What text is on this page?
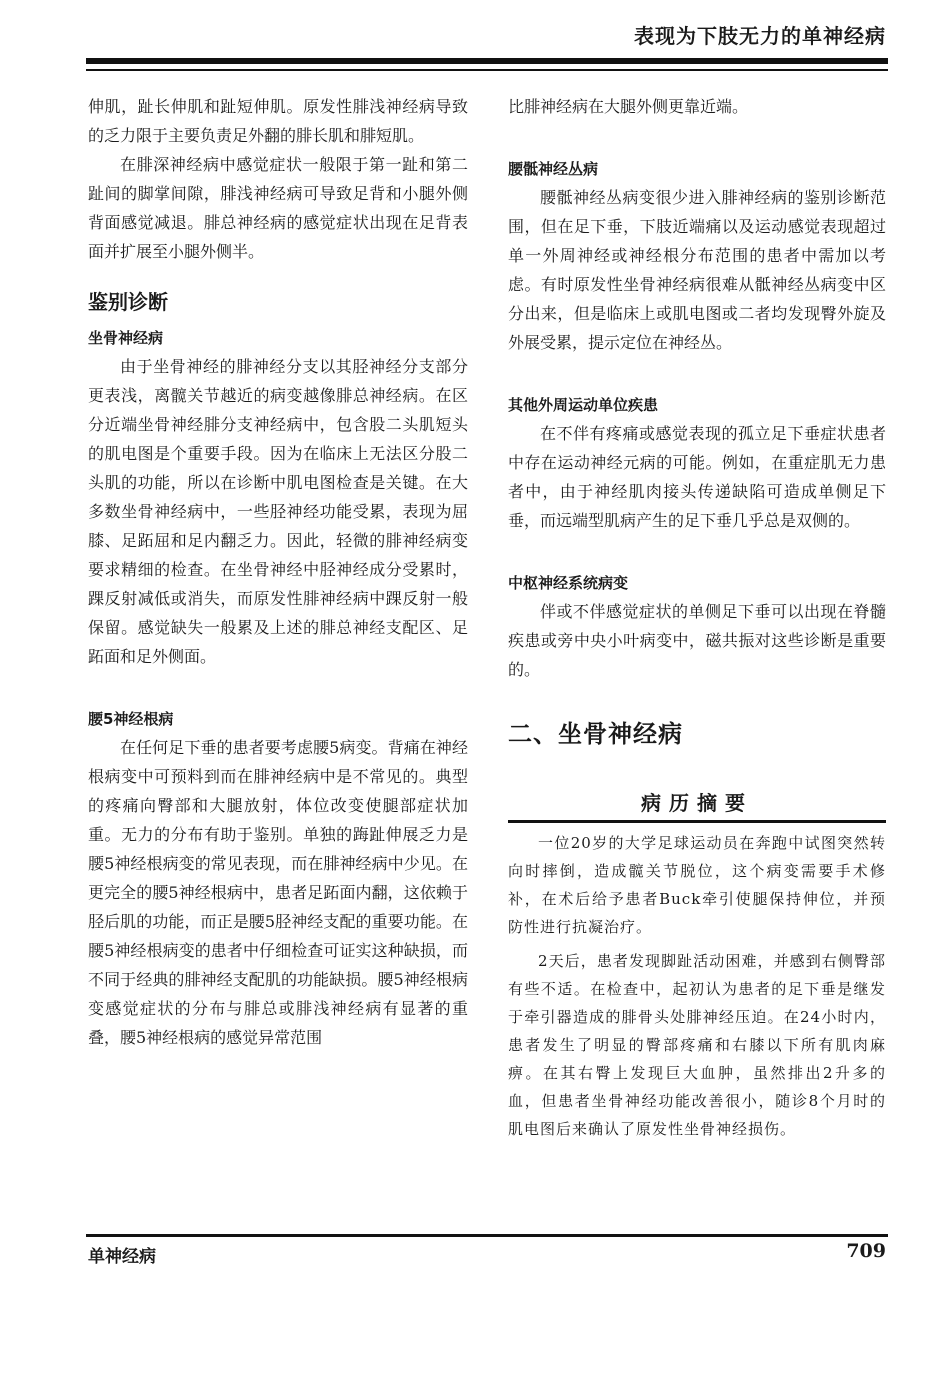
表现为下肢无力的单神经病

伸肌，趾长伸肌和趾短伸肌。原发性腓浅神经病导致的乏力限于主要负责足外翻的腓长肌和腓短肌。

在腓深神经病中感觉症状一般限于第一趾和第二趾间的脚掌间隙，腓浅神经病可导致足背和小腿外侧背面感觉减退。腓总神经病的感觉症状出现在足背表面并扩展至小腿外侧半。

鉴别诊断
坐骨神经病

由于坐骨神经的腓神经分支以其胫神经分支部分更表浅，离髋关节越近的病变越像腓总神经病。在区分近端坐骨神经腓分支神经病中，包含股二头肌短头的肌电图是个重要手段。因为在临床上无法区分股二头肌的功能，所以在诊断中肌电图检查是关键。在大多数坐骨神经病中，一些胫神经功能受累，表现为屈膝、足跖屈和足内翻乏力。因此，轻微的腓神经病变要求精细的检查。在坐骨神经中胫神经成分受累时，踝反射减低或消失，而原发性腓神经病中踝反射一般保留。感觉缺失一般累及上述的腓总神经支配区、足跖面和足外侧面。

腰5神经根病

在任何足下垂的患者要考虑腰5病变。背痛在神经根病变中可预料到而在腓神经病中是不常见的。典型的疼痛向臀部和大腿放射，体位改变使腿部症状加重。无力的分布有助于鉴别。单独的踇趾伸展乏力是腰5神经根病变的常见表现，而在腓神经病中少见。在更完全的腰5神经根病中，患者足跖面内翻，这依赖于胫后肌的功能，而正是腰5胫神经支配的重要功能。在腰5神经根病变的患者中仔细检查可证实这种缺损，而不同于经典的腓神经支配肌的功能缺损。腰5神经根病变感觉症状的分布与腓总或腓浅神经病有显著的重叠，腰5神经根病的感觉异常范围

比腓神经病在大腿外侧更靠近端。

腰骶神经丛病

腰骶神经丛病变很少进入腓神经病的鉴别诊断范围，但在足下垂，下肢近端痛以及运动感觉表现超过单一外周神经或神经根分布范围的患者中需加以考虑。有时原发性坐骨神经病很难从骶神经丛病变中区分出来，但是临床上或肌电图或二者均发现臀外旋及外展受累，提示定位在神经丛。

其他外周运动单位疾患

在不伴有疼痛或感觉表现的孤立足下垂症状患者中存在运动神经元病的可能。例如，在重症肌无力患者中，由于神经肌肉接头传递缺陷可造成单侧足下垂，而远端型肌病产生的足下垂几乎总是双侧的。

中枢神经系统病变

伴或不伴感觉症状的单侧足下垂可以出现在脊髓疾患或旁中央小叶病变中，磁共振对这些诊断是重要的。

二、坐骨神经病
病历摘要

一位20岁的大学足球运动员在奔跑中试图突然转向时摔倒，造成髋关节脱位，这个病变需要手术修补，在术后给予患者Buck牵引使腿保持伸位，并预防性进行抗凝治疗。

2天后，患者发现脚趾活动困难，并感到右侧臀部有些不适。在检查中，起初认为患者的足下垂是继发于牵引器造成的腓骨头处腓神经压迫。在24小时内，患者发生了明显的臀部疼痛和右膝以下所有肌肉麻痹。在其右臀上发现巨大血肿，虽然排出2升多的血，但患者坐骨神经功能改善很小，随诊8个月时的肌电图后来确认了原发性坐骨神经损伤。

单神经病	709
